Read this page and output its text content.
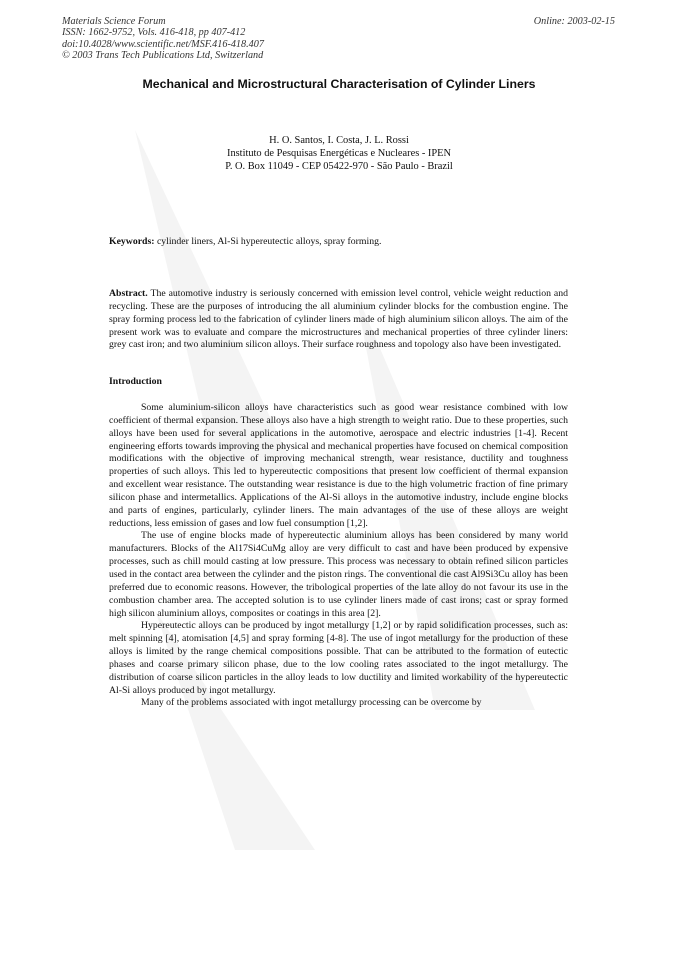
Materials Science Forum
ISSN: 1662-9752, Vols. 416-418, pp 407-412
doi:10.4028/www.scientific.net/MSF.416-418.407
© 2003 Trans Tech Publications Ltd, Switzerland
Online: 2003-02-15
Mechanical and Microstructural Characterisation of Cylinder Liners
H. O. Santos, I. Costa, J. L. Rossi
Instituto de Pesquisas Energéticas e Nucleares - IPEN
P. O. Box 11049 - CEP 05422-970 - São Paulo - Brazil
Keywords: cylinder liners, Al-Si hypereutectic alloys, spray forming.
Abstract. The automotive industry is seriously concerned with emission level control, vehicle weight reduction and recycling. These are the purposes of introducing the all aluminium cylinder blocks for the combustion engine. The spray forming process led to the fabrication of cylinder liners made of high aluminium silicon alloys. The aim of the present work was to evaluate and compare the microstructures and mechanical properties of three cylinder liners: grey cast iron; and two aluminium silicon alloys. Their surface roughness and topology also have been investigated.
Introduction

Some aluminium-silicon alloys have characteristics such as good wear resistance combined with low coefficient of thermal expansion. These alloys also have a high strength to weight ratio. Due to these properties, such alloys have been used for several applications in the automotive, aerospace and electric industries [1-4]. Recent engineering efforts towards improving the physical and mechanical properties have focused on chemical composition modifications with the objective of improving mechanical strength, wear resistance, ductility and toughness properties of such alloys. This led to hypereutectic compositions that present low coefficient of thermal expansion and excellent wear resistance. The outstanding wear resistance is due to the high volumetric fraction of fine primary silicon phase and intermetallics. Applications of the Al-Si alloys in the automotive industry, include engine blocks and parts of engines, particularly, cylinder liners. The main advantages of the use of these alloys are weight reductions, less emission of gases and low fuel consumption [1,2].

The use of engine blocks made of hypereutectic aluminium alloys has been considered by many world manufacturers. Blocks of the Al17Si4CuMg alloy are very difficult to cast and have been produced by expensive processes, such as chill mould casting at low pressure. This process was necessary to obtain refined silicon particles used in the contact area between the cylinder and the piston rings. The conventional die cast Al9Si3Cu alloy has been preferred due to economic reasons. However, the tribological properties of the late alloy do not favour its use in the combustion chamber area. The accepted solution is to use cylinder liners made of cast irons; cast or spray formed high silicon aluminium alloys, composites or coatings in this area [2].

Hypereutectic alloys can be produced by ingot metallurgy [1,2] or by rapid solidification processes, such as: melt spinning [4], atomisation [4,5] and spray forming [4-8]. The use of ingot metallurgy for the production of these alloys is limited by the range chemical compositions possible. That can be attributed to the formation of eutectic phases and coarse primary silicon phase, due to the low cooling rates associated to the ingot metallurgy. The distribution of coarse silicon particles in the alloy leads to low ductility and limited workability of the hypereutectic Al-Si alloys produced by ingot metallurgy.

Many of the problems associated with ingot metallurgy processing can be overcome by
